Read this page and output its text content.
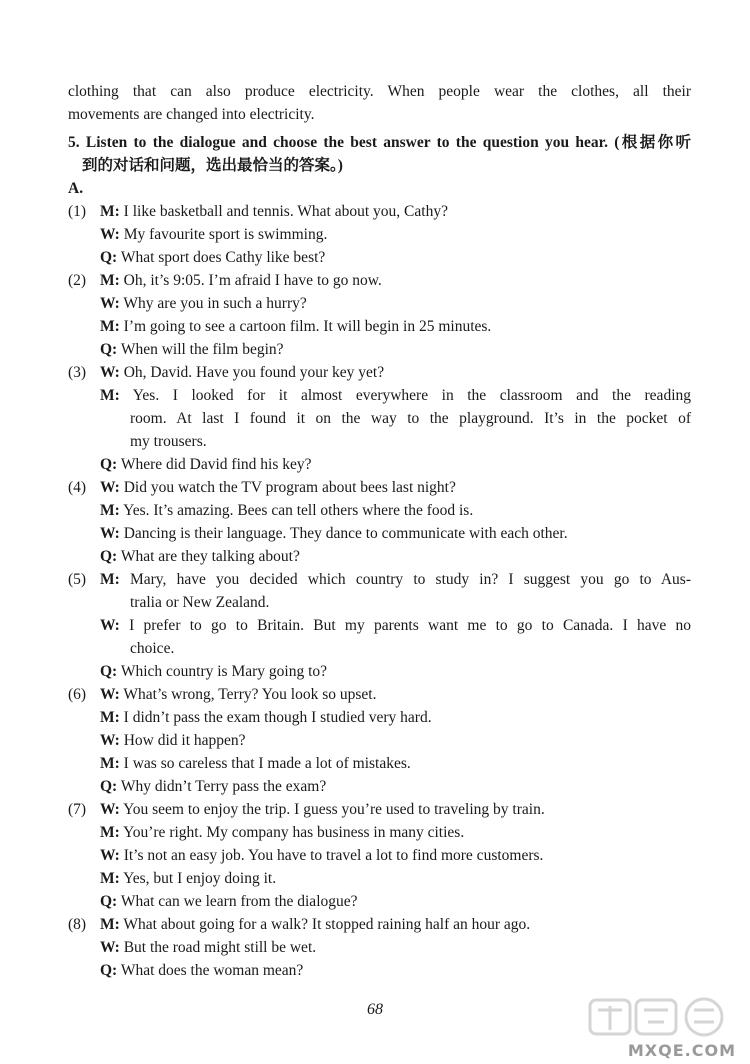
clothing that can also produce electricity. When people wear the clothes, all their

movements are changed into electricity.

5. Listen to the dialogue and choose the best answer to the question you hear. (根据你听
到的对话和问题，选出最恰当的答案。)
A.
(1) M: I like basketball and tennis. What about you, Cathy?
W: My favourite sport is swimming.
Q: What sport does Cathy like best?
(2) M: Oh, it’s 9:05. I’m afraid I have to go now.
W: Why are you in such a hurry?
M: I’m going to see a cartoon film. It will begin in 25 minutes.
Q: When will the film begin?
(3) W: Oh, David. Have you found your key yet?
M: Yes. I looked for it almost everywhere in the classroom and the reading
room. At last I found it on the way to the playground. It’s in the pocket of
my trousers.
Q: Where did David find his key?
(4) W: Did you watch the TV program about bees last night?
M: Yes. It’s amazing. Bees can tell others where the food is.
W: Dancing is their language. They dance to communicate with each other.
Q: What are they talking about?
(5) M: Mary, have you decided which country to study in? I suggest you go to Aus-
tralia or New Zealand.
W: I prefer to go to Britain. But my parents want me to go to Canada. I have no
choice.
Q: Which country is Mary going to?
(6) W: What’s wrong, Terry? You look so upset.
M: I didn’t pass the exam though I studied very hard.
W: How did it happen?
M: I was so careless that I made a lot of mistakes.
Q: Why didn’t Terry pass the exam?
(7) W: You seem to enjoy the trip. I guess you’re used to traveling by train.
M: You’re right. My company has business in many cities.
W: It’s not an easy job. You have to travel a lot to find more customers.
M: Yes, but I enjoy doing it.
Q: What can we learn from the dialogue?
(8) M: What about going for a walk? It stopped raining half an hour ago.
W: But the road might still be wet.
Q: What does the woman mean?
68
MXQE.COM
